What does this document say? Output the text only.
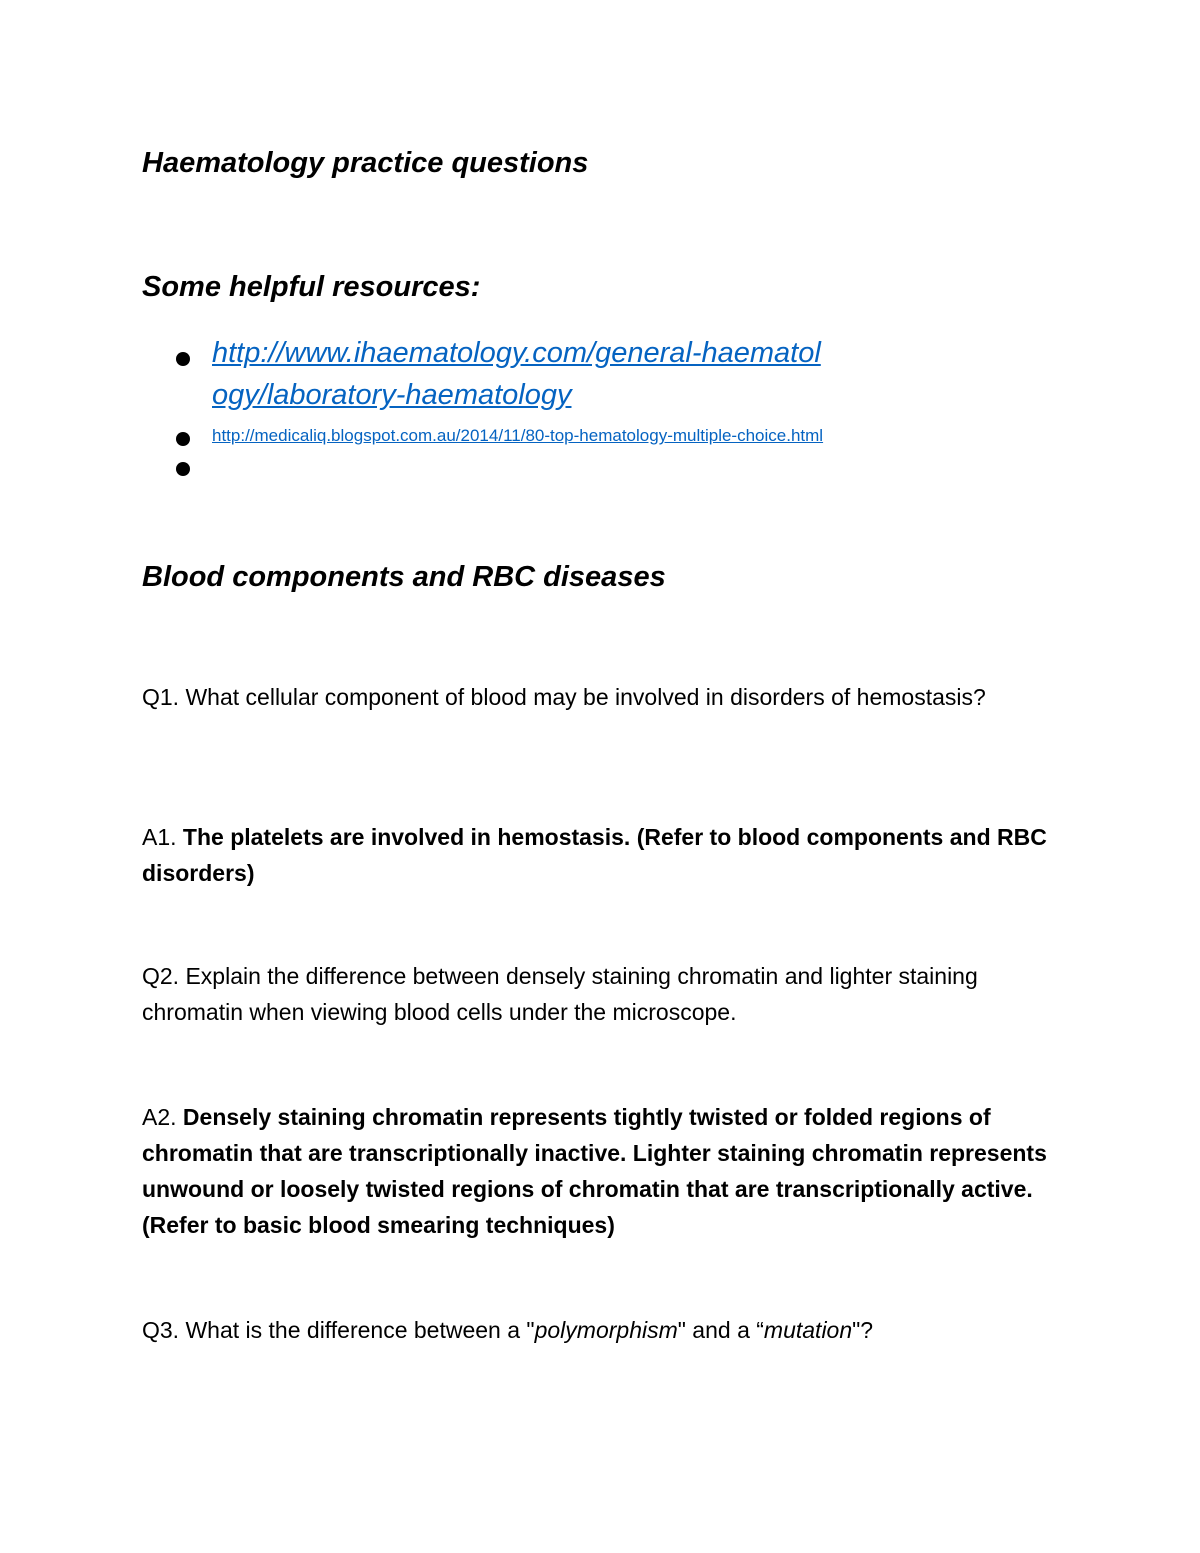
Haematology practice questions
Some helpful resources:
http://www.ihaematology.com/general-haematology/laboratory-haematology
http://medicaliq.blogspot.com.au/2014/11/80-top-hematology-multiple-choice.html
Blood components and RBC diseases

Q1. What cellular component of blood may be involved in disorders of hemostasis?

A1. The platelets are involved in hemostasis. (Refer to blood components and RBC disorders)

Q2. Explain the difference between densely staining chromatin and lighter staining chromatin when viewing blood cells under the microscope.

A2. Densely staining chromatin represents tightly twisted or folded regions of chromatin that are transcriptionally inactive. Lighter staining chromatin represents unwound or loosely twisted regions of chromatin that are transcriptionally active. (Refer to basic blood smearing techniques)

Q3. What is the difference between a "polymorphism" and a “mutation"?
